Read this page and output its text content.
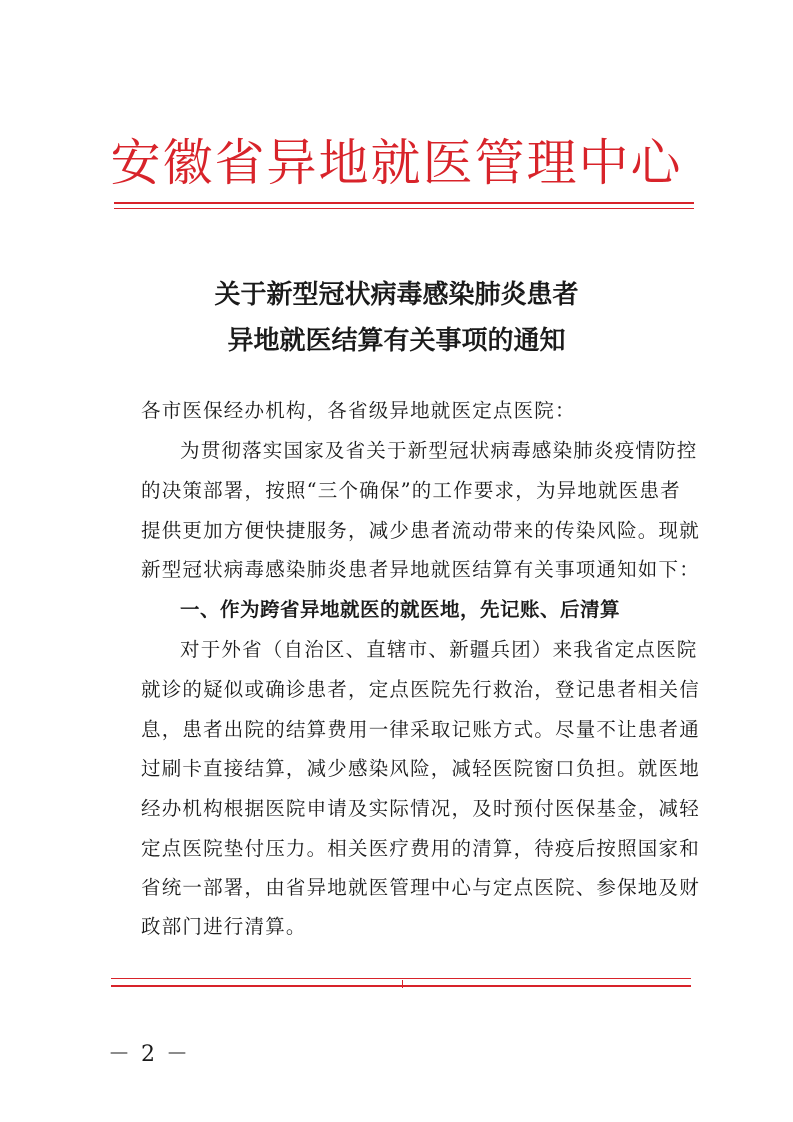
安徽省异地就医管理中心
关于新型冠状病毒感染肺炎患者
异地就医结算有关事项的通知
各市医保经办机构，各省级异地就医定点医院：
为贯彻落实国家及省关于新型冠状病毒感染肺炎疫情防控
的决策部署，按照“三个确保”的工作要求，为异地就医患者
提供更加方便快捷服务，减少患者流动带来的传染风险。现就
新型冠状病毒感染肺炎患者异地就医结算有关事项通知如下：
一、作为跨省异地就医的就医地，先记账、后清算
对于外省（自治区、直辖市、新疆兵团）来我省定点医院
就诊的疑似或确诊患者，定点医院先行救治，登记患者相关信
息，患者出院的结算费用一律采取记账方式。尽量不让患者通
过刷卡直接结算，减少感染风险，减轻医院窗口负担。就医地
经办机构根据医院申请及实际情况，及时预付医保基金，减轻
定点医院垫付压力。相关医疗费用的清算，待疫后按照国家和
省统一部署，由省异地就医管理中心与定点医院、参保地及财
政部门进行清算。
－ 2 －
